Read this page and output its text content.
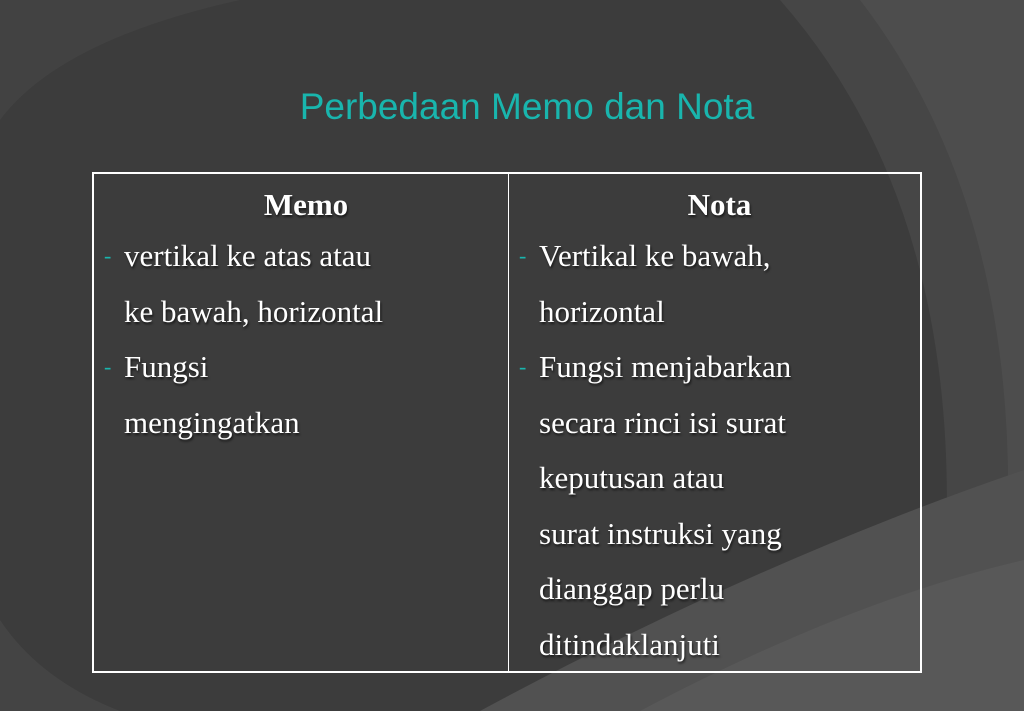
Perbedaan Memo dan Nota
Memo
- vertikal ke atas atau
ke bawah, horizontal
- Fungsi
mengingatkan
Nota
- Vertikal ke bawah,
horizontal
- Fungsi menjabarkan
secara rinci isi surat
keputusan atau
surat instruksi yang
dianggap perlu
ditindaklanjuti
